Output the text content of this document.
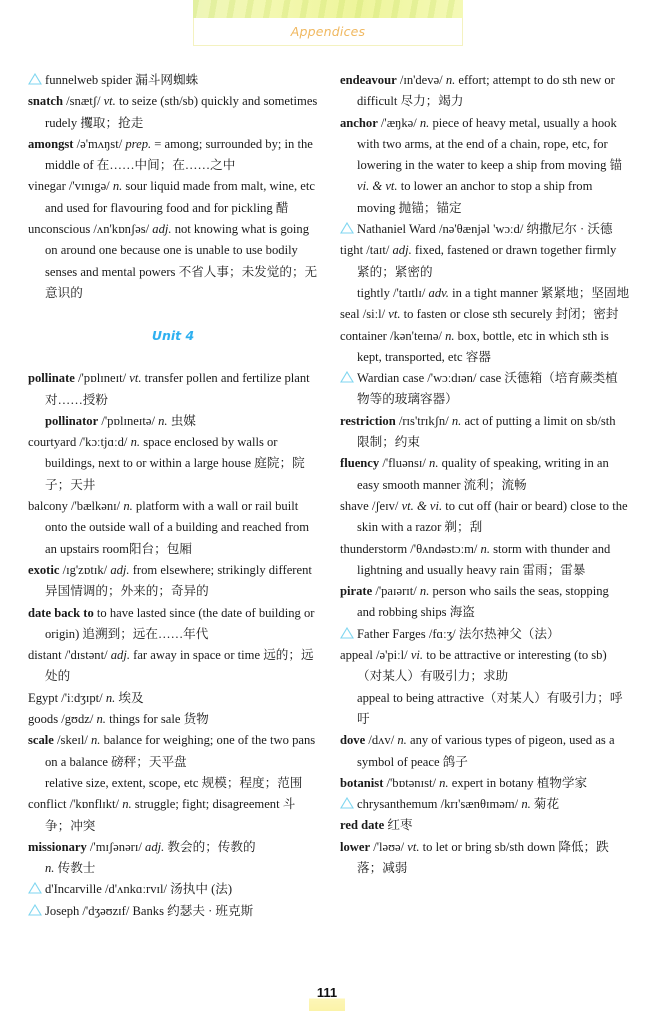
Appendices
funnelweb spider 漏斗网蜘蛛
snatch /snætʃ/ vt. to seize (sth/sb) quickly and sometimes rudely 攫取；抢走
amongst /ə'mʌŋst/ prep. = among; surrounded by; in the middle of 在……中间；在……之中
vinegar /'vɪnɪgə/ n. sour liquid made from malt, wine, etc and used for flavouring food and for pickling 醋
unconscious /ʌn'kɒnʃəs/ adj. not knowing what is going on around one because one is unable to use bodily senses and mental powers 不省人事；未发觉的；无意识的
Unit 4
pollinate /'pɒlɪneɪt/ vt. transfer pollen and fertilize plant 对……授粉
pollinator /'pɒlɪneɪtə/ n. 虫媒
courtyard /'kɔːtjɑːd/ n. space enclosed by walls or buildings, next to or within a large house 庭院；院子；天井
balcony /'bælkənɪ/ n. platform with a wall or rail built onto the outside wall of a building and reached from an upstairs room阳台；包厢
exotic /ɪg'zɒtɪk/ adj. from elsewhere; strikingly different 异国情调的；外来的；奇异的
date back to to have lasted since (the date of building or origin) 追溯到；远在……年代
distant /'dɪstənt/ adj. far away in space or time 远的；远处的
Egypt /'iːdʒɪpt/ n. 埃及
goods /gʊdz/ n. things for sale 货物
scale /skeɪl/ n. balance for weighing; one of the two pans on a balance 磅秤；天平盘
relative size, extent, scope, etc 规模；程度；范围
conflict /'kɒnflɪkt/ n. struggle; fight; disagreement 斗争；冲突
missionary /'mɪʃənərɪ/ adj. 教会的；传教的
n. 传教士
d'Incarville /d'ʌnkɑːrvɪl/ 汤执中 (法)
Joseph /'dʒəʊzɪf/ Banks 约瑟夫 · 班克斯
endeavour /ɪn'devə/ n. effort; attempt to do sth new or difficult 尽力；竭力
anchor /'æŋkə/ n. piece of heavy metal, usually a hook with two arms, at the end of a chain, rope, etc, for lowering in the water to keep a ship from moving 锚
vi. & vt. to lower an anchor to stop a ship from moving 抛锚；锚定
Nathaniel Ward /nə'θænjəl 'wɔːd/ 纳撒尼尔 · 沃德
tight /taɪt/ adj. fixed, fastened or drawn together firmly 紧的；紧密的
tightly /'taɪtlɪ/ adv. in a tight manner 紧紧地；坚固地
seal /siːl/ vt. to fasten or close sth securely 封闭；密封
container /kən'teɪnə/ n. box, bottle, etc in which sth is kept, transported, etc 容器
Wardian case /'wɔːdɪən/ case 沃德箱（培育蕨类植物等的玻璃容器）
restriction /rɪs'trɪkʃn/ n. act of putting a limit on sb/sth 限制；约束
fluency /'fluənsɪ/ n. quality of speaking, writing in an easy smooth manner 流利；流畅
shave /ʃeɪv/ vt. & vi. to cut off (hair or beard) close to the skin with a razor 剃；刮
thunderstorm /'θʌndəstɔːm/ n. storm with thunder and lightning and usually heavy rain 雷雨；雷暴
pirate /'paɪərɪt/ n. person who sails the seas, stopping and robbing ships 海盗
Father Farges /fɑːʒ/ 法尔热神父（法）
appeal /ə'piːl/ vi. to be attractive or interesting (to sb)（对某人）有吸引力；求助
appeal to being attractive（对某人）有吸引力；呼吁
dove /dʌv/ n. any of various types of pigeon, used as a symbol of peace 鸽子
botanist /'bɒtənɪst/ n. expert in botany 植物学家
chrysanthemum /krɪ'sænθɪməm/ n. 菊花
red date 红枣
lower /'ləʊə/ vt. to let or bring sb/sth down 降低；跌落；减弱
111
